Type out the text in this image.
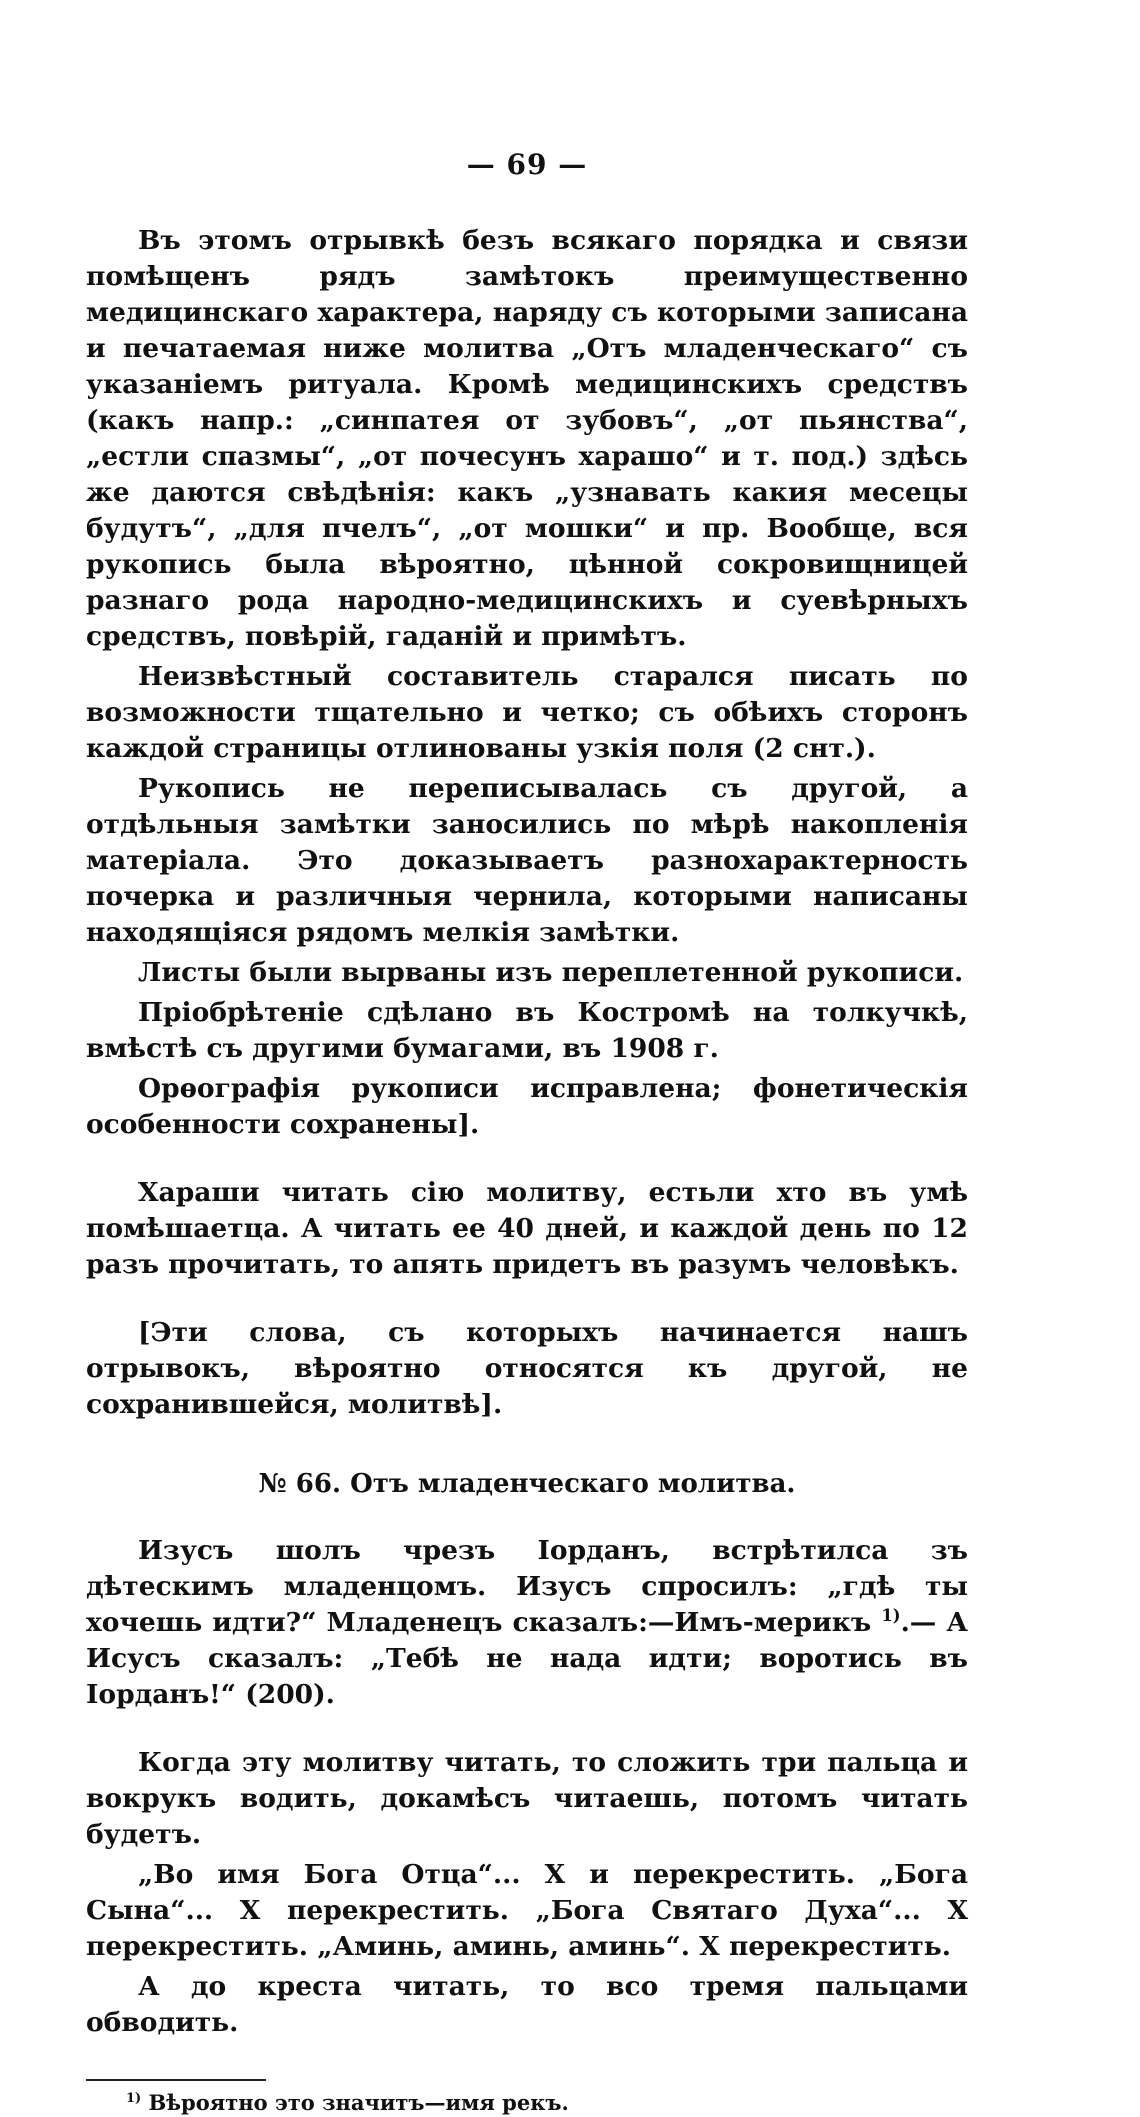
— 69 —

Въ этомъ отрывкѣ безъ всякаго порядка и связи помѣщенъ рядъ замѣтокъ преимущественно медицинскаго характера, наряду съ которыми записана и печатаемая ниже молитва „Отъ младенческаго“ съ указаніемъ ритуала. Кромѣ медицинскихъ средствъ (какъ напр.: „синпатея от зубовъ“, „от пьянства“, „естли спазмы“, „от почесунъ харашо“ и т. под.) здѣсь же даются свѣдѣнія: какъ „узнавать какия месецы будутъ“, „для пчелъ“, „от мошки“ и пр. Вообще, вся рукопись была вѣроятно, цѣнной сокровищницей разнаго рода народно-медицинскихъ и суевѣрныхъ средствъ, повѣрій, гаданій и примѣтъ.

Неизвѣстный составитель старался писать по возможности тщательно и четко; съ обѣихъ сторонъ каждой страницы отлинованы узкія поля (2 снт.).

Рукопись не переписывалась съ другой, а отдѣльныя замѣтки заносились по мѣрѣ накопленія матеріала. Это доказываетъ разнохарактерность почерка и различныя чернила, которыми написаны находящіяся рядомъ мелкія замѣтки.

Листы были вырваны изъ переплетенной рукописи.

Пріобрѣтеніе сдѣлано въ Костромѣ на толкучкѣ, вмѣстѣ съ другими бумагами, въ 1908 г.

Орѳографія рукописи исправлена; фонетическія особенности сохранены].

Хараши читать сію молитву, естьли хто въ умѣ помѣшаетца. А читать ее 40 дней, и каждой день по 12 разъ прочитать, то апять придетъ въ разумъ человѣкъ.

[Эти слова, съ которыхъ начинается нашъ отрывокъ, вѣроятно относятся къ другой, не сохранившейся, молитвѣ].

№ 66. Отъ младенческаго молитва.

Изусъ шолъ чрезъ Іорданъ, встрѣтилса зъ дѣтескимъ младенцомъ. Изусъ спросилъ: „гдѣ ты хочешь идти?“ Младенецъ сказалъ:—Имъ-мерикъ $^{1)}$.— А Исусъ сказалъ: „Тебѣ не нада идти; воротись въ Іорданъ!“ (200).

Когда эту молитву читать, то сложить три пальца и вокрукъ водить, докамѣсъ читаешь, потомъ читать будетъ.

„Во имя Бога Отца“... Х и перекрестить. „Бога Сына“... Х перекрестить. „Бога Святаго Духа“... Х перекрестить. „Аминь, аминь, аминь“. Х перекрестить.

А до креста читать, то всо тремя пальцами обводить.

$^{1)}$ Вѣроятно это значитъ—имя рекъ.
